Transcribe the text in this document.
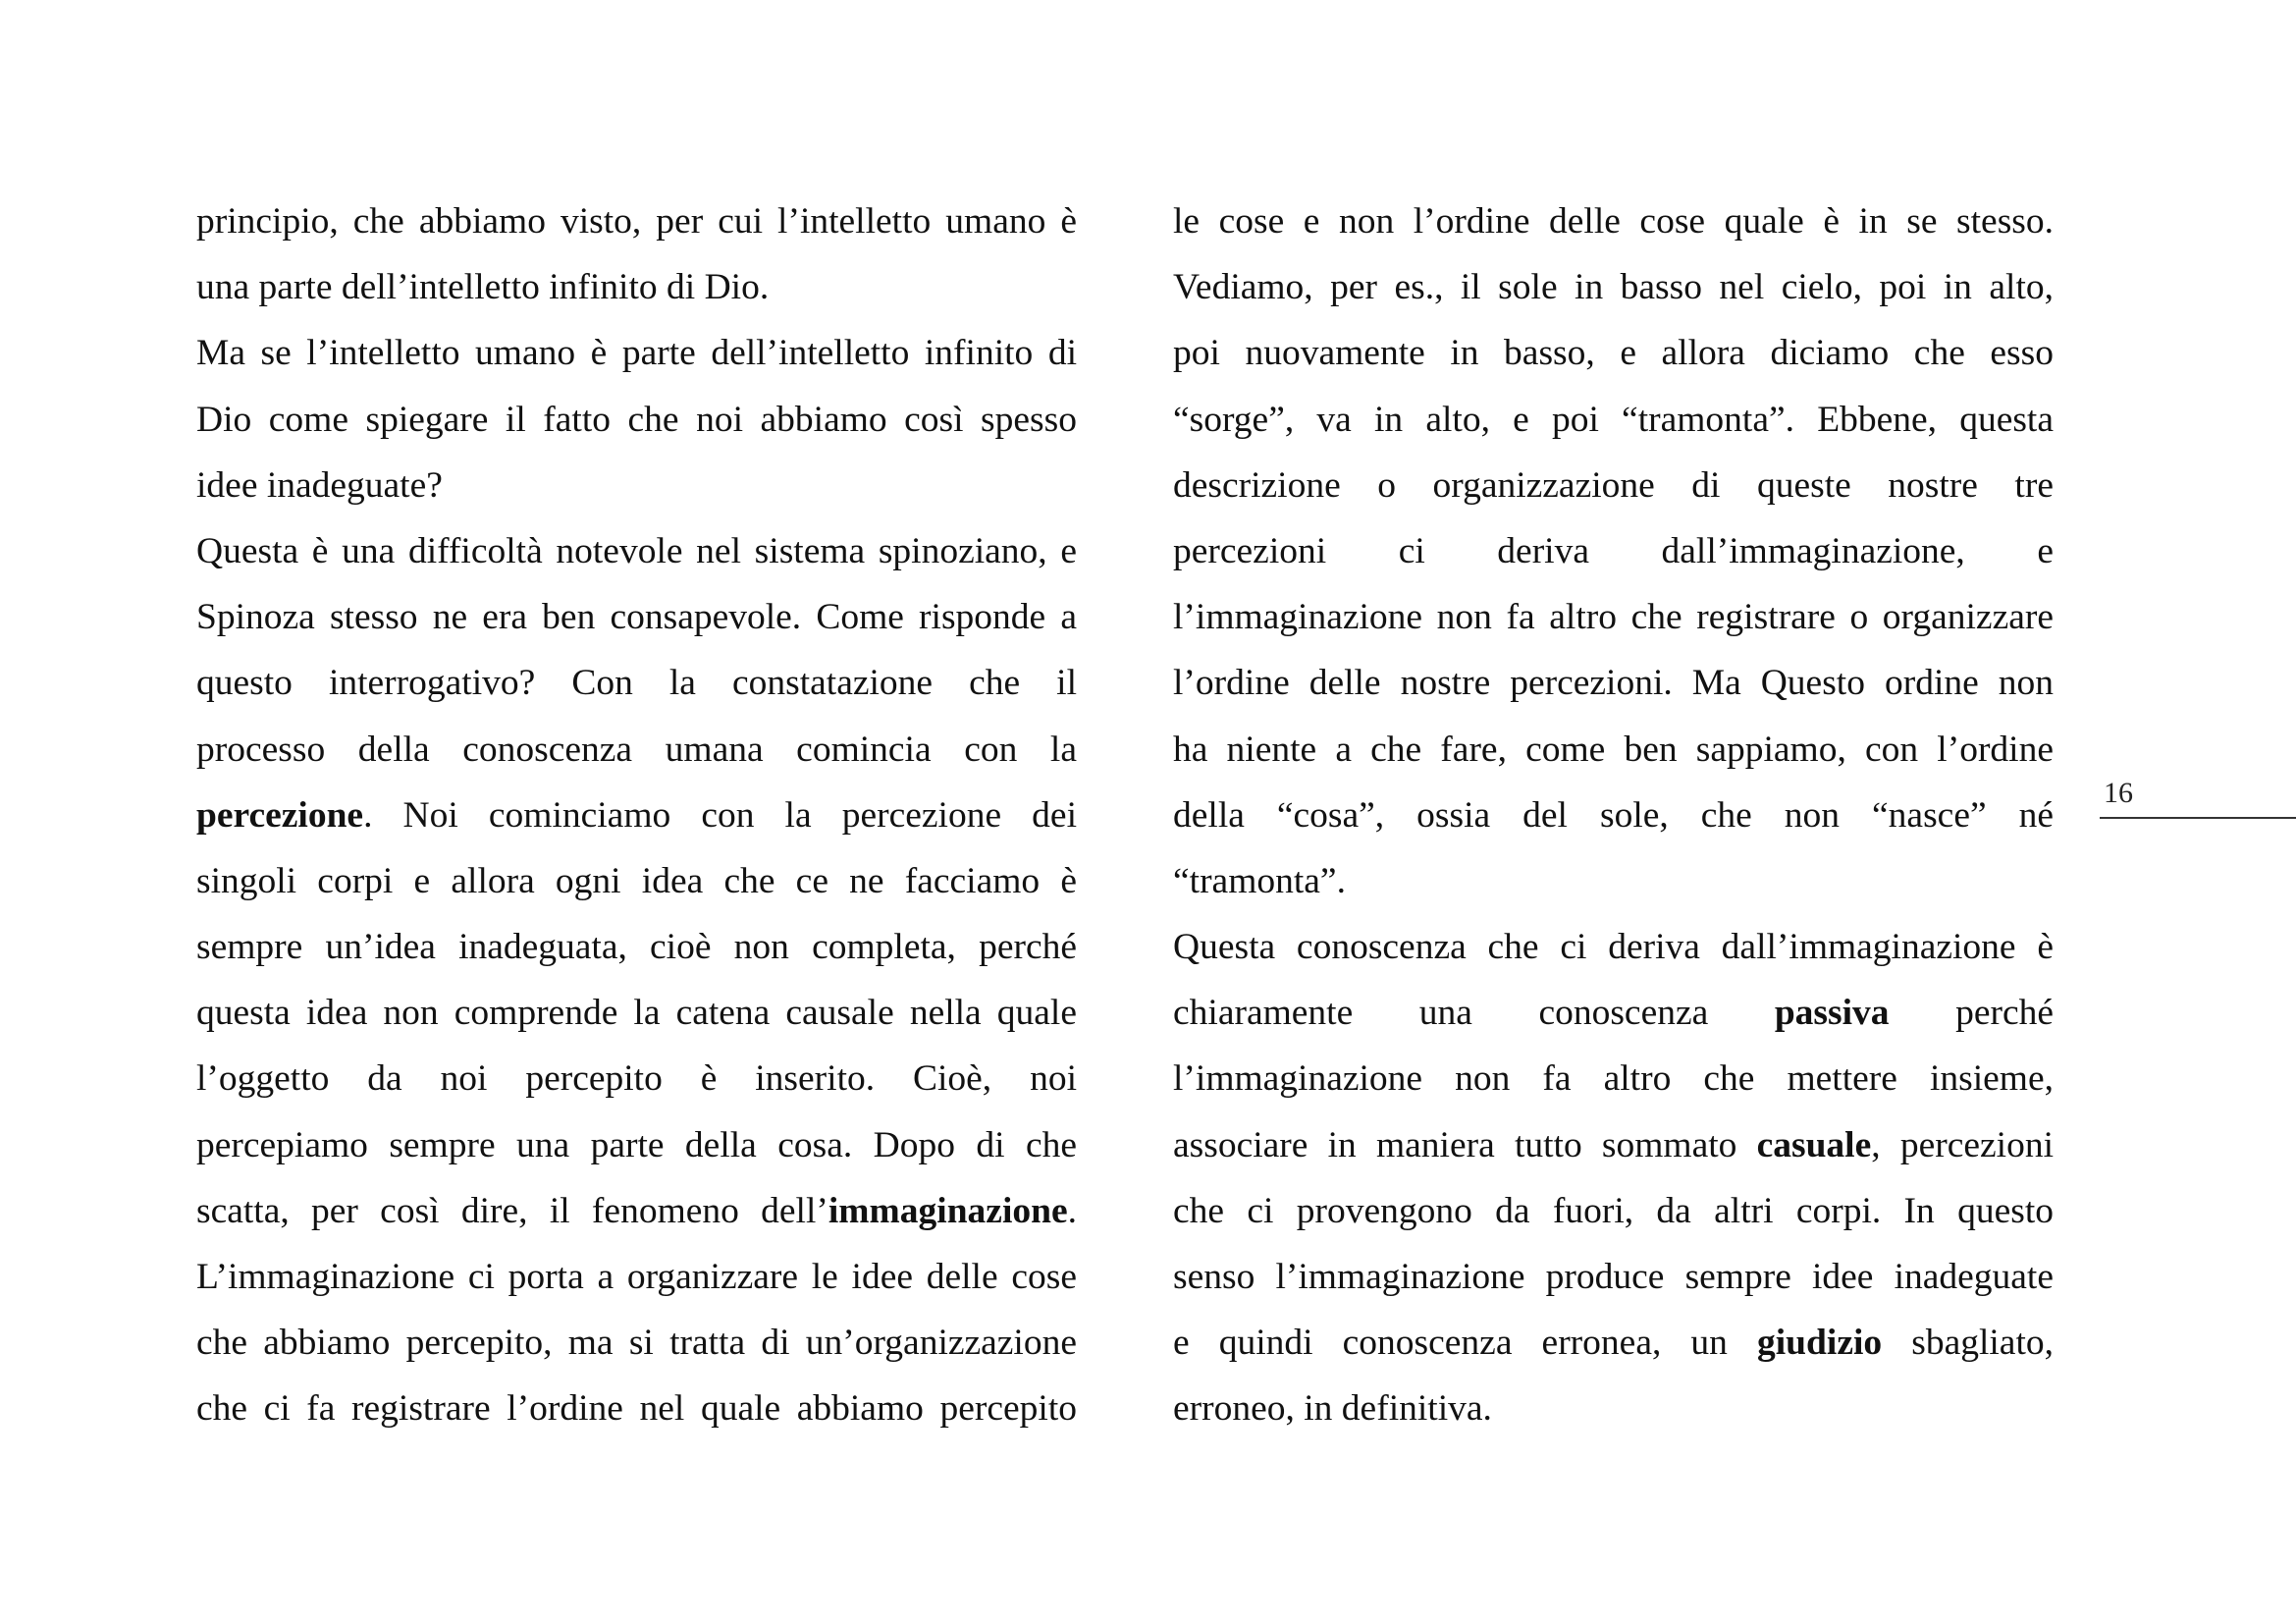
principio, che abbiamo visto, per cui l’intelletto umano è
una parte dell’intelletto infinito di Dio.
Ma se l’intelletto umano è parte dell’intelletto infinito di
Dio come spiegare il fatto che noi abbiamo così spesso
idee inadeguate?
Questa è una difficoltà notevole nel sistema spinoziano, e
Spinoza stesso ne era ben consapevole. Come risponde a
questo interrogativo? Con la constatazione che il
processo della conoscenza umana comincia con la
percezione. Noi cominciamo con la percezione dei
singoli corpi e allora ogni idea che ce ne facciamo è
sempre un’idea inadeguata, cioè non completa, perché
questa idea non comprende la catena causale nella quale
l’oggetto da noi percepito è inserito. Cioè, noi
percepiamo sempre una parte della cosa. Dopo di che
scatta, per così dire, il fenomeno dell’immaginazione.
L’immaginazione ci porta a organizzare le idee delle cose
che abbiamo percepito, ma si tratta di un’organizzazione
che ci fa registrare l’ordine nel quale abbiamo percepito
le cose e non l’ordine delle cose quale è in se stesso.
Vediamo, per es., il sole in basso nel cielo, poi in alto,
poi nuovamente in basso, e allora diciamo che esso
“sorge”, va in alto, e poi “tramonta”. Ebbene, questa
descrizione o organizzazione di queste nostre tre
percezioni ci deriva dall’immaginazione, e
l’immaginazione non fa altro che registrare o organizzare
l’ordine delle nostre percezioni. Ma Questo ordine non
ha niente a che fare, come ben sappiamo, con l’ordine
della “cosa”, ossia del sole, che non “nasce” né
“tramonta”.
Questa conoscenza che ci deriva dall’immaginazione è
chiaramente una conoscenza passiva perché
l’immaginazione non fa altro che mettere insieme,
associare in maniera tutto sommato casuale, percezioni
che ci provengono da fuori, da altri corpi. In questo
senso l’immaginazione produce sempre idee inadeguate
e quindi conoscenza erronea, un giudizio sbagliato,
erroneo, in definitiva.
16
